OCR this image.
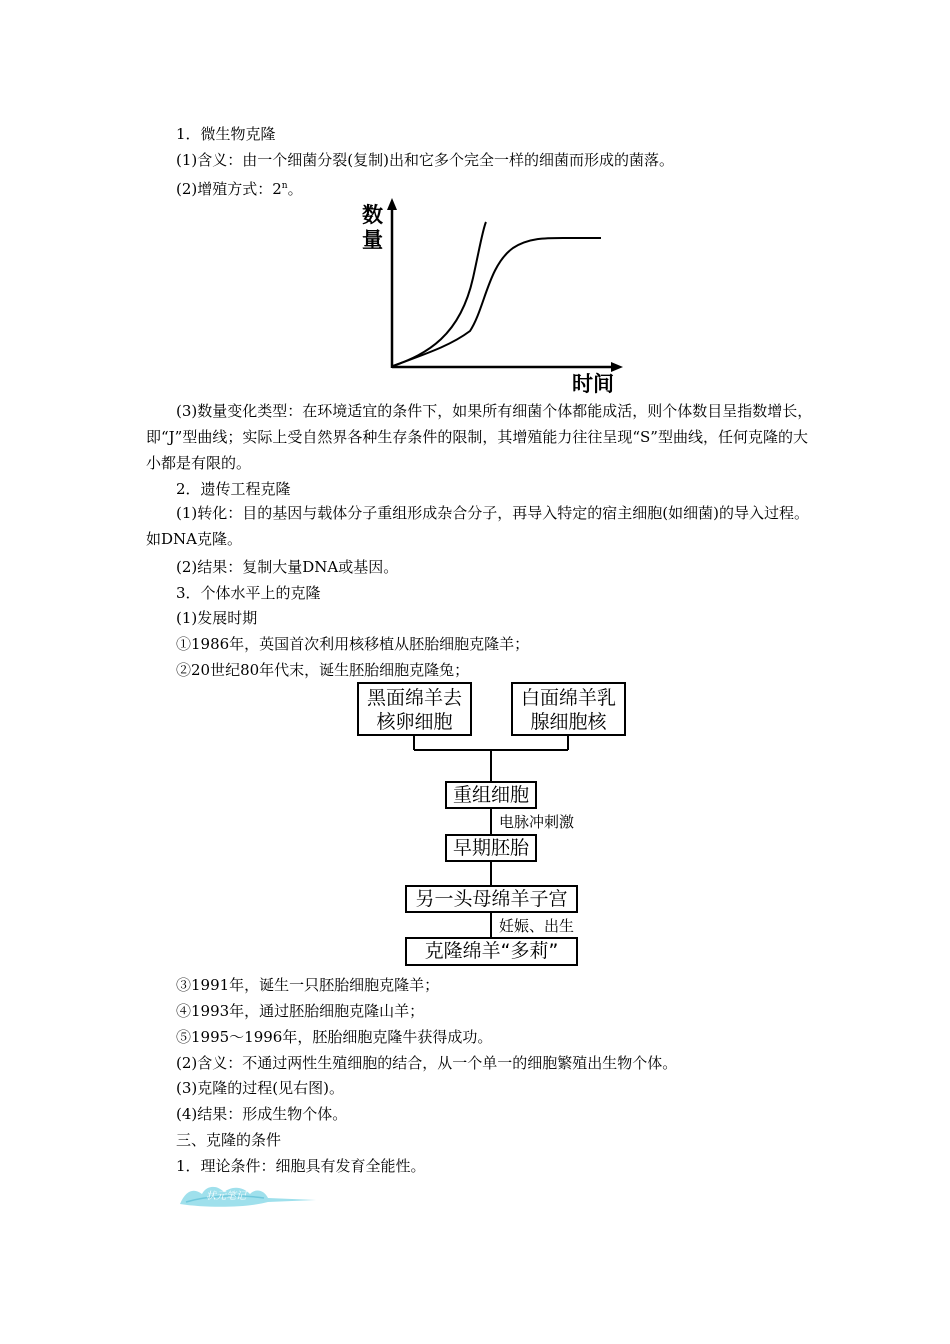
1．微生物克隆
(1)含义：由一个细菌分裂(复制)出和它多个完全一样的细菌而形成的菌落。
(2)增殖方式：2$^n$。
数
量
时间
(3)数量变化类型：在环境适宜的条件下，如果所有细菌个体都能成活，则个体数目呈指数增长，即“J”型曲线；实际上受自然界各种生存条件的限制，其增殖能力往往呈现“S”型曲线，任何克隆的大小都是有限的。
2．遗传工程克隆
(1)转化：目的基因与载体分子重组形成杂合分子，再导入特定的宿主细胞(如细菌)的导入过程。如DNA克隆。
(2)结果：复制大量DNA或基因。
3．个体水平上的克隆
(1)发展时期
①1986年，英国首次利用核移植从胚胎细胞克隆羊；
②20世纪80年代末，诞生胚胎细胞克隆兔；
黑面绵羊去
核卵细胞
白面绵羊乳
腺细胞核
重组细胞
电脉冲刺激
早期胚胎
另一头母绵羊子宫
妊娠、出生
克隆绵羊“多莉”
③1991年，诞生一只胚胎细胞克隆羊；
④1993年，通过胚胎细胞克隆山羊；
⑤1995～1996年，胚胎细胞克隆牛获得成功。
(2)含义：不通过两性生殖细胞的结合，从一个单一的细胞繁殖出生物个体。
(3)克隆的过程(见右图)。
(4)结果：形成生物个体。
三、克隆的条件
1．理论条件：细胞具有发育全能性。
状元笔记
